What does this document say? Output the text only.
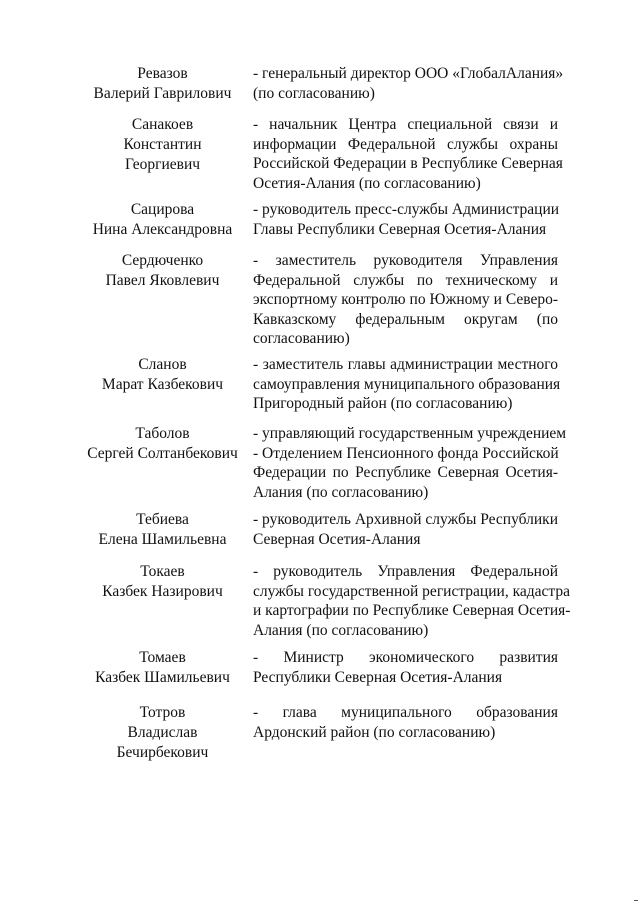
Ревазов
Валерий Гаврилович
- генеральный директор ООО «ГлобалАлания»
(по согласованию)
Санакоев
Константин
Георгиевич
- начальник Центра специальной связи и
информации Федеральной службы охраны
Российской Федерации в Республике Северная
Осетия-Алания (по согласованию)
Сацирова
Нина Александровна
- руководитель пресс-службы Администрации
Главы Республики Северная Осетия-Алания
Сердюченко
Павел Яковлевич
- заместитель руководителя Управления
Федеральной службы по техническому и
экспортному контролю по Южному и Северо-
Кавказскому федеральным округам (по
согласованию)
Сланов
Марат Казбекович
- заместитель главы администрации местного
самоуправления муниципального образования
Пригородный район (по согласованию)
Таболов
Сергей Солтанбекович
- управляющий государственным учреждением
- Отделением Пенсионного фонда Российской
Федерации по Республике Северная Осетия-
Алания (по согласованию)
Тебиева
Елена Шамильевна
- руководитель Архивной службы Республики
Северная Осетия-Алания
Токаев
Казбек Назирович
- руководитель Управления Федеральной
службы государственной регистрации, кадастра
и картографии по Республике Северная Осетия-
Алания (по согласованию)
Томаев
Казбек Шамильевич
- Министр экономического развития
Республики Северная Осетия-Алания
Тотров
Владислав
Бечирбекович
- глава муниципального образования
Ардонский район (по согласованию)
